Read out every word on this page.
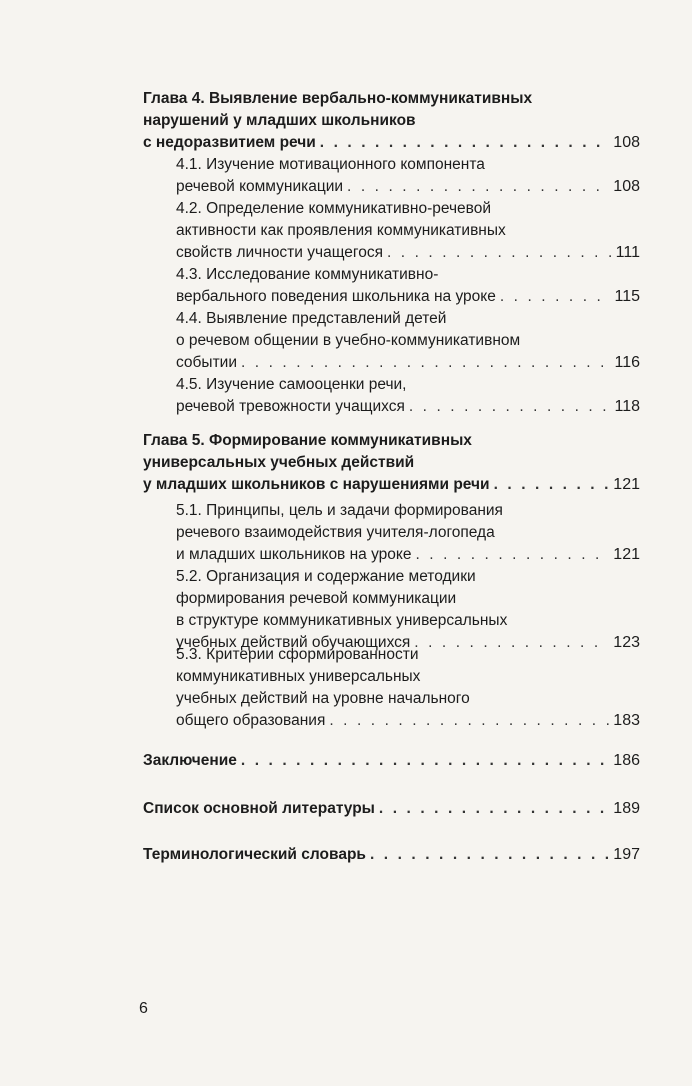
Глава 4. Выявление вербально-коммуникативных
нарушений у младших школьников
с недоразвитием речи . . .	108
4.1. Изучение мотивационного компонента
речевой коммуникации . . .	108
4.2. Определение коммуникативно-речевой
активности как проявления коммуникативных
свойств личности учащегося . . .	111
4.3. Исследование коммуникативно-
вербального поведения школьника на уроке . . .	115
4.4. Выявление представлений детей
о речевом общении в учебно-коммуникативном
событии . . .	116
4.5. Изучение самооценки речи,
речевой тревожности учащихся . . .	118
Глава 5. Формирование коммуникативных
универсальных учебных действий
у младших школьников с нарушениями речи . . .	121
5.1. Принципы, цель и задачи формирования
речевого взаимодействия учителя-логопеда
и младших школьников на уроке . . .	121
5.2. Организация и содержание методики
формирования речевой коммуникации
в структуре коммуникативных универсальных
учебных действий обучающихся . . .	123
5.3. Критерии сформированности
коммуникативных универсальных
учебных действий на уровне начального
общего образования . . .	183
Заключение . . .	186
Список основной литературы . . .	189
Терминологический словарь . . .	197
6
